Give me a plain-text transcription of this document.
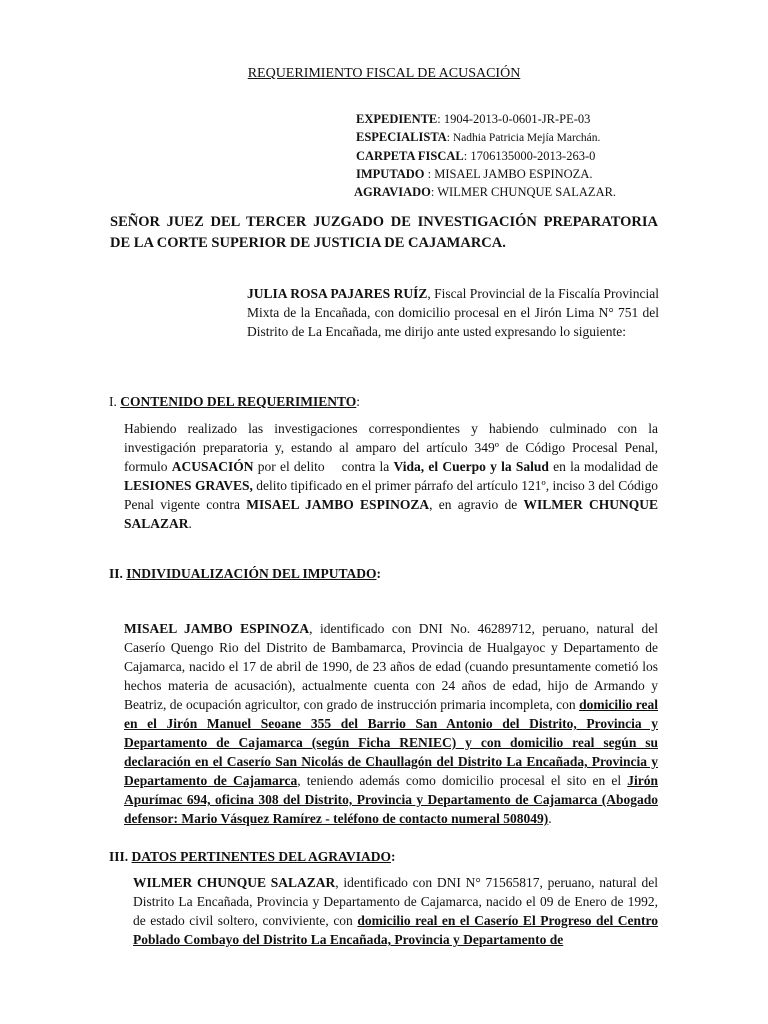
REQUERIMIENTO FISCAL DE ACUSACIÓN
EXPEDIENTE: 1904-2013-0-0601-JR-PE-03
ESPECIALISTA: Nadhia Patricia Mejía Marchán.
CARPETA FISCAL: 1706135000-2013-263-0
IMPUTADO : MISAEL JAMBO ESPINOZA.
AGRAVIADO: WILMER CHUNQUE SALAZAR.

SEÑOR JUEZ DEL TERCER JUZGADO DE INVESTIGACIÓN PREPARATORIA DE LA CORTE SUPERIOR DE JUSTICIA DE CAJAMARCA.

JULIA ROSA PAJARES RUÍZ, Fiscal Provincial de la Fiscalía Provincial Mixta de la Encañada, con domicilio procesal en el Jirón Lima N° 751 del Distrito de La Encañada, me dirijo ante usted expresando lo siguiente:

I. CONTENIDO DEL REQUERIMIENTO:

Habiendo realizado las investigaciones correspondientes y habiendo culminado con la investigación preparatoria y, estando al amparo del artículo 349º de Código Procesal Penal, formulo ACUSACIÓN por el delito    contra la Vida, el Cuerpo y la Salud en la modalidad de LESIONES GRAVES, delito tipificado en el primer párrafo del artículo 121º, inciso 3 del Código Penal vigente contra MISAEL JAMBO ESPINOZA, en agravio de WILMER CHUNQUE SALAZAR.

II. INDIVIDUALIZACIÓN DEL IMPUTADO:

MISAEL JAMBO ESPINOZA, identificado con DNI No. 46289712, peruano, natural del Caserío Quengo Rio del Distrito de Bambamarca, Provincia de Hualgayoc y Departamento de Cajamarca, nacido el 17 de abril de 1990, de 23 años de edad (cuando presuntamente cometió los hechos materia de acusación), actualmente cuenta con 24 años de edad, hijo de Armando y Beatriz, de ocupación agricultor, con grado de instrucción primaria incompleta, con domicilio real en el Jirón Manuel Seoane 355 del Barrio San Antonio del Distrito, Provincia y Departamento de Cajamarca (según Ficha RENIEC) y con domicilio real según su declaración en el Caserío San Nicolás de Chaullagón del Distrito La Encañada, Provincia y Departamento de Cajamarca, teniendo además como domicilio procesal el sito en el Jirón Apurímac 694, oficina 308 del Distrito, Provincia y Departamento de Cajamarca (Abogado defensor: Mario Vásquez Ramírez - teléfono de contacto numeral 508049).

III. DATOS PERTINENTES DEL AGRAVIADO:

WILMER CHUNQUE SALAZAR, identificado con DNI N° 71565817, peruano, natural del Distrito La Encañada, Provincia y Departamento de Cajamarca, nacido el 09 de Enero de 1992, de estado civil soltero, conviviente, con domicilio real en el Caserío El Progreso del Centro Poblado Combayo del Distrito La Encañada, Provincia y Departamento de
